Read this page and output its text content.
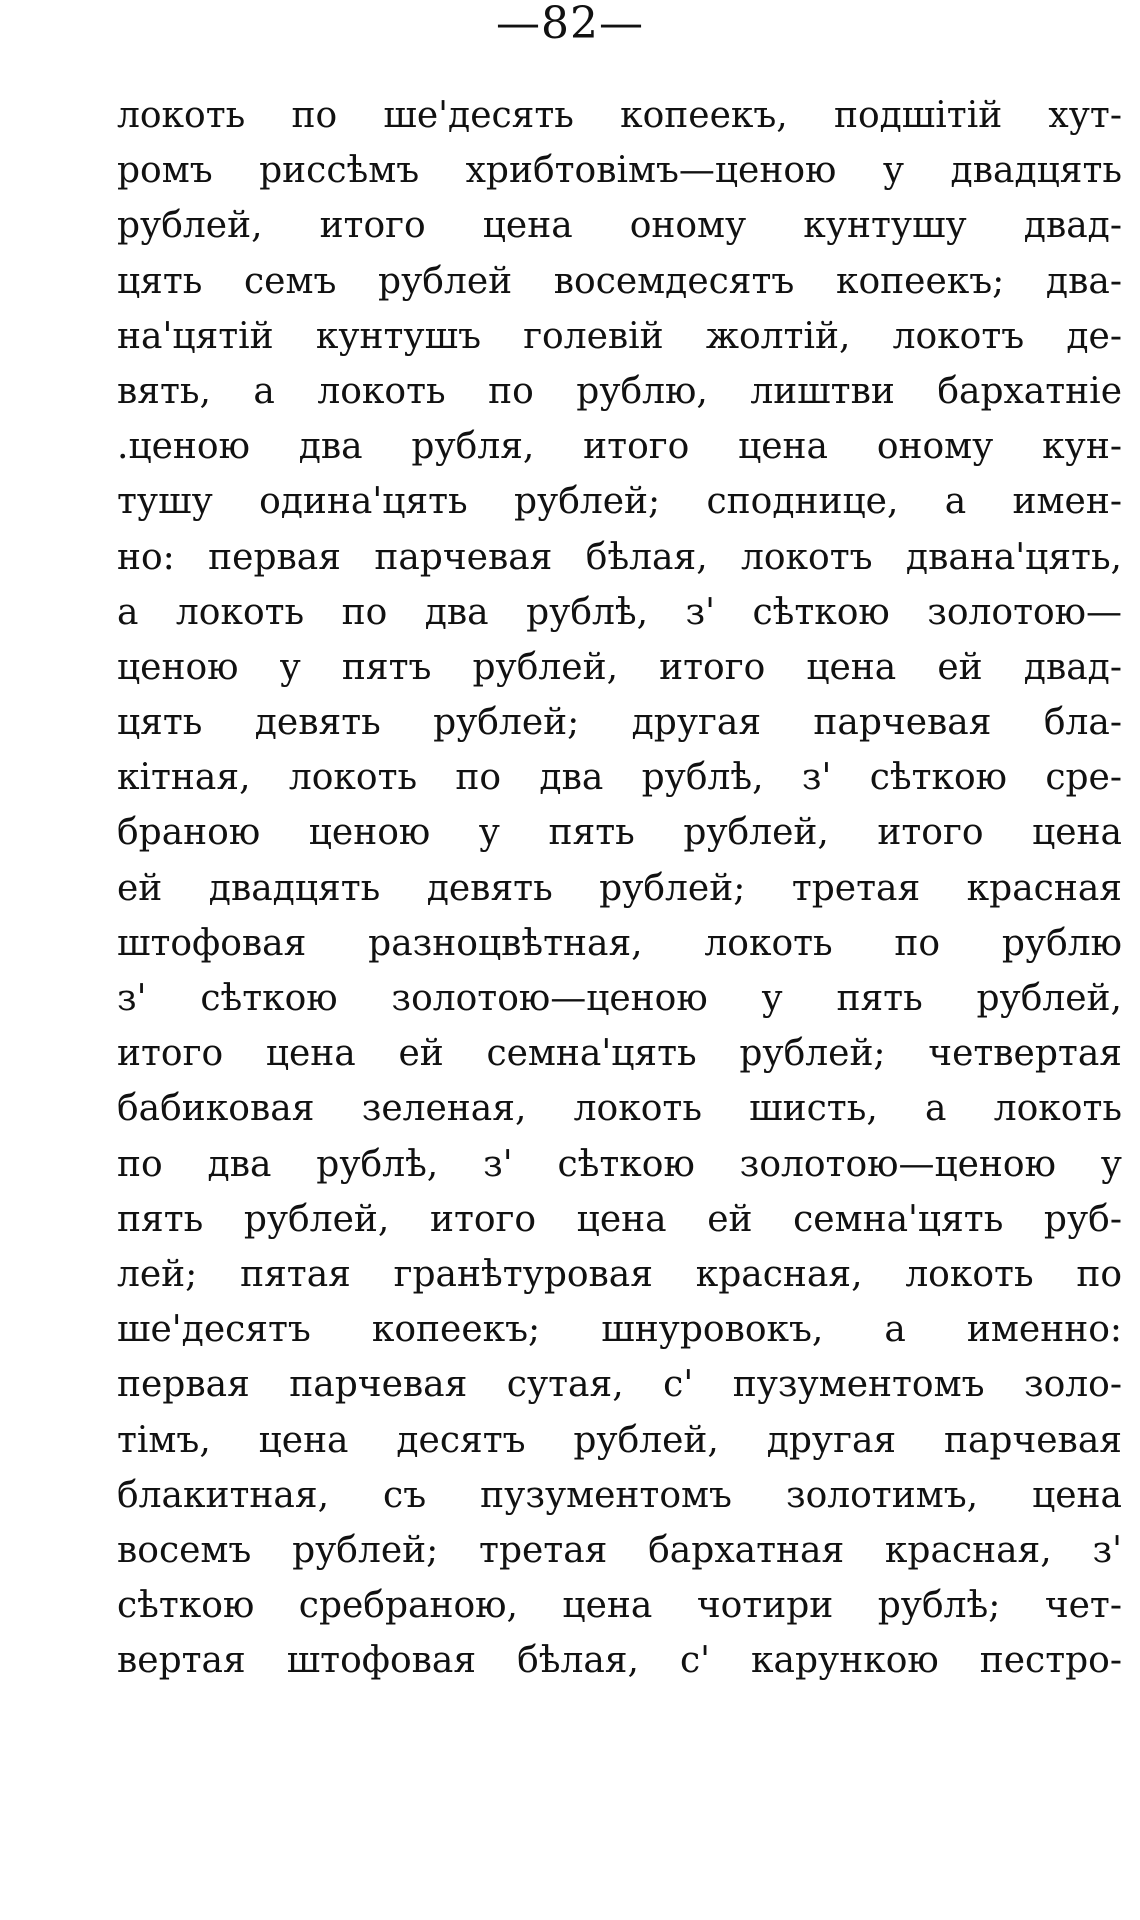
—82—
локоть по ше'десять копеекъ, подшітій хут-
ромъ риссѣмъ хрибтовімъ—ценою у двадцять
рублей, итого цена оному кунтушу двад-
цять семъ рублей восемдесятъ копеекъ; два-
на'цятій кунтушъ голевій жолтій, локотъ де-
вять, а локоть по рублю, лиштви бархатніе
.ценою два рубля, итого цена оному кун-
тушу одина'цять рублей; споднице, а имен-
но: первая парчевая бѣлая, локотъ двана'цять,
а локоть по два рублѣ, з' сѣткою золотою—
ценою у пятъ рублей, итого цена ей двад-
цять девять рублей; другая парчевая бла-
кітная, локоть по два рублѣ, з' сѣткою сре-
браною ценою у пять рублей, итого цена
ей двадцять девять рублей; третая красная
штофовая разноцвѣтная, локоть по рублю
з' сѣткою золотою—ценою у пять рублей,
итого цена ей семна'цять рублей; четвертая
бабиковая зеленая, локоть шисть, а локоть
по два рублѣ, з' сѣткою золотою—ценою у
пять рублей, итого цена ей семна'цять руб-
лей; пятая гранѣтуровая красная, локоть по
ше'десятъ копеекъ; шнуровокъ, а именно:
первая парчевая сутая, с' пузументомъ золо-
тімъ, цена десятъ рублей, другая парчевая
блакитная, съ пузументомъ золотимъ, цена
восемъ рублей; третая бархатная красная, з'
сѣткою сребраною, цена чотири рублѣ; чет-
вертая штофовая бѣлая, с' карункою пестро-
